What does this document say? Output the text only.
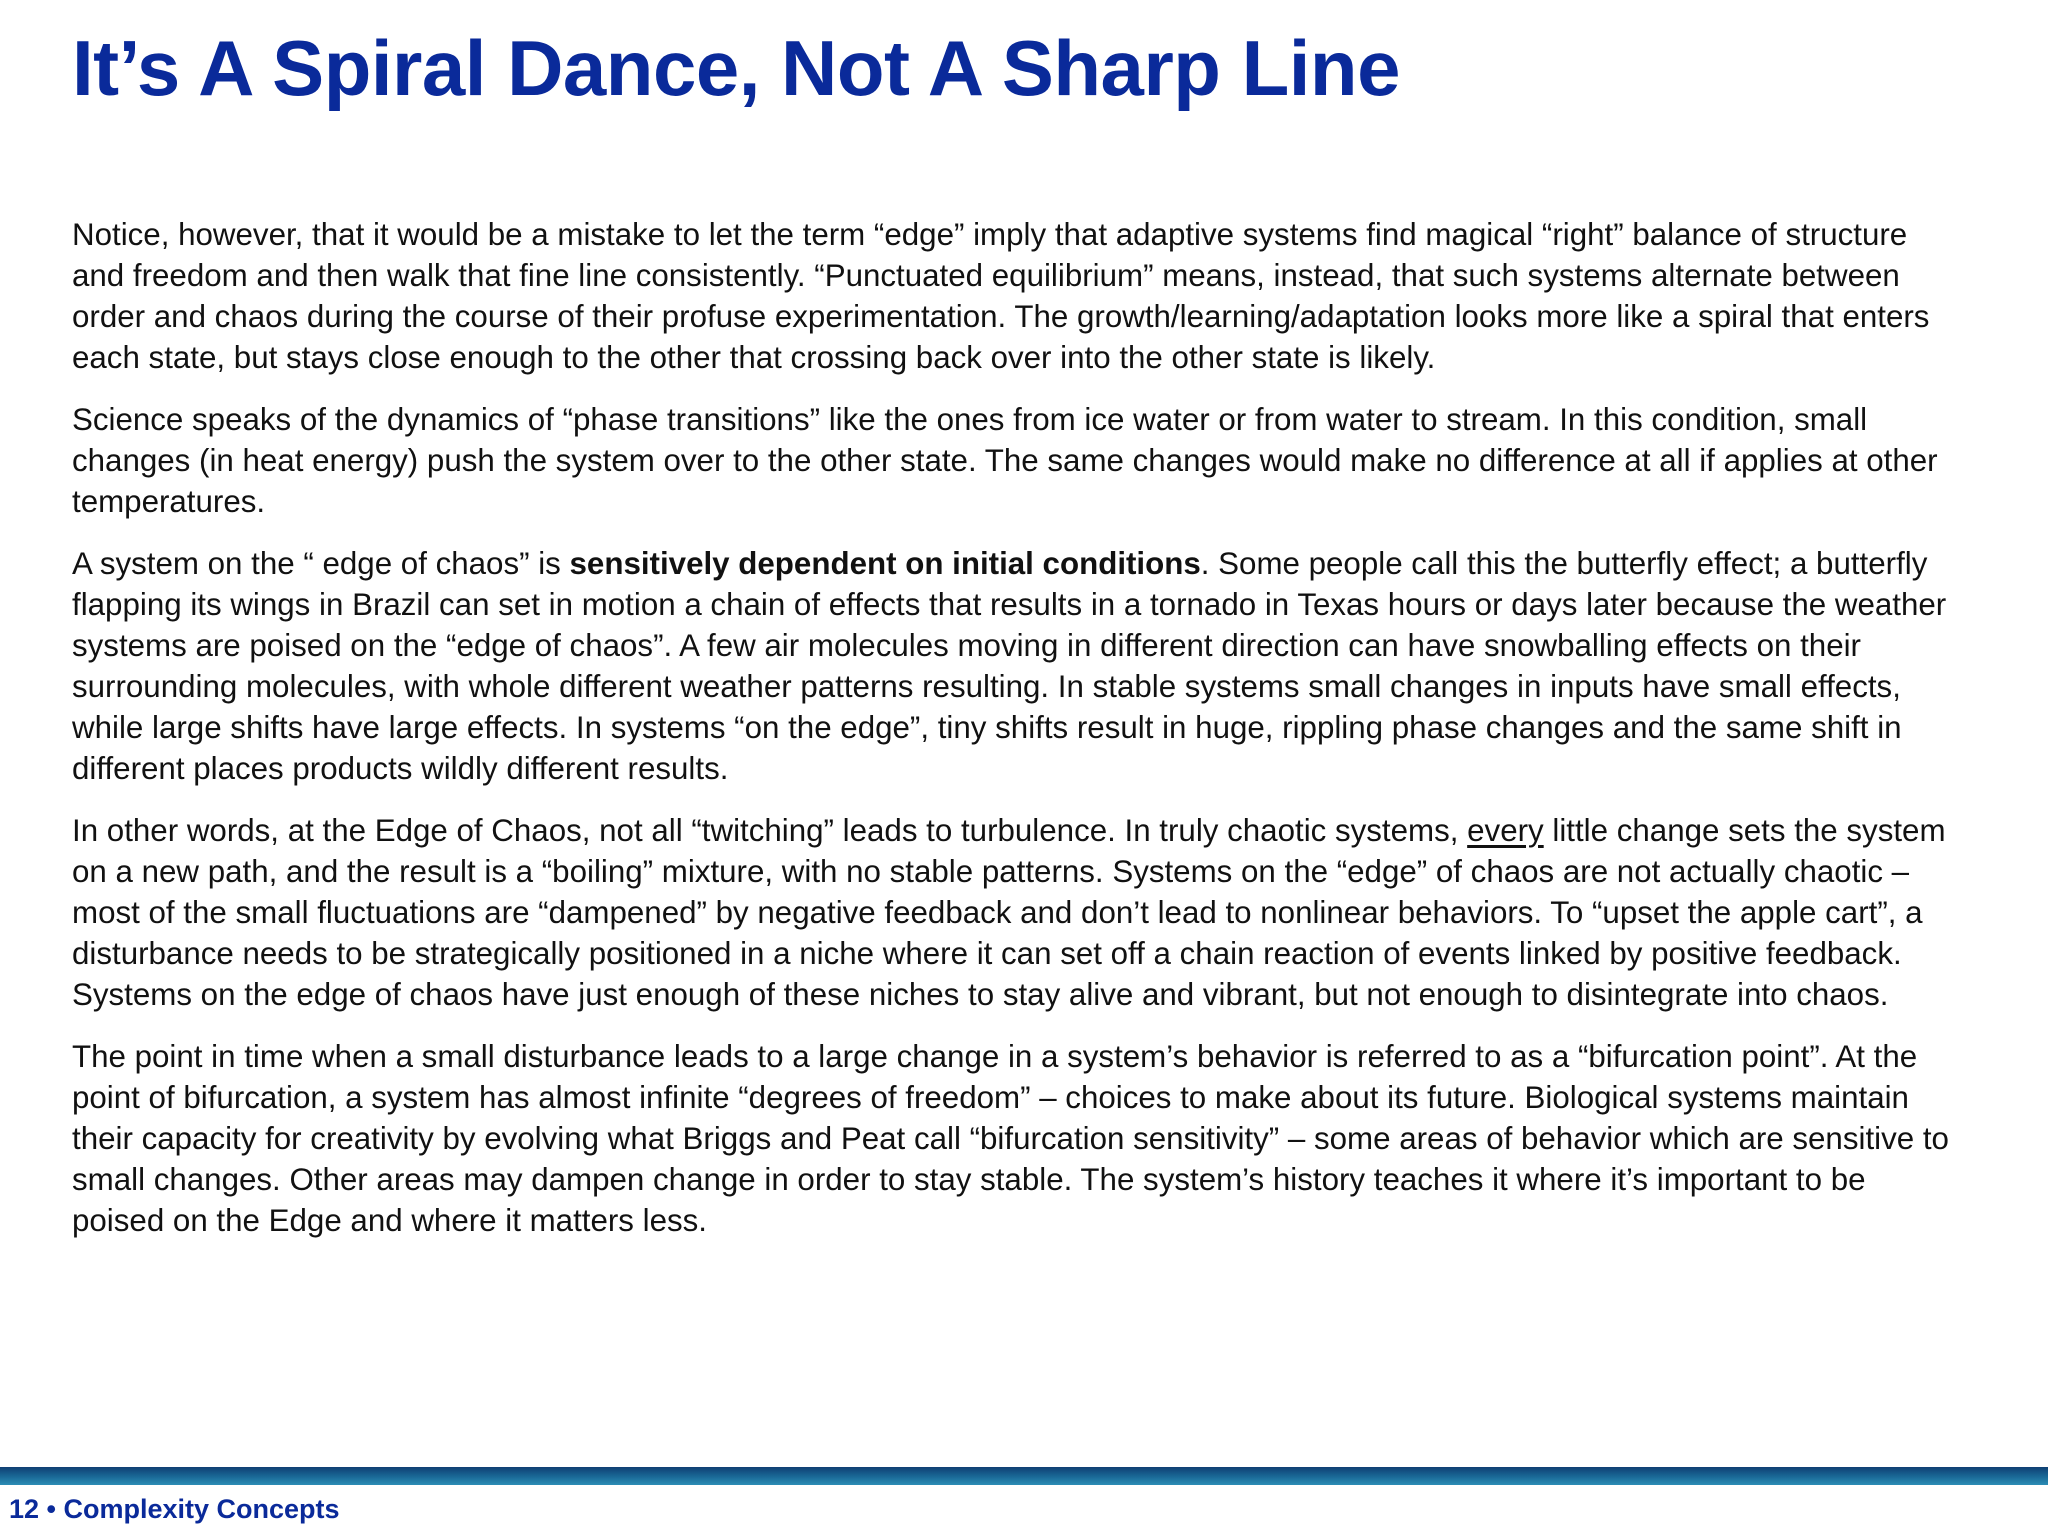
It’s A Spiral Dance, Not A Sharp Line

Notice, however, that it would be a mistake to let the term “edge” imply that adaptive systems find magical “right” balance of structure and freedom and then walk that fine line consistently. “Punctuated equilibrium” means, instead, that such systems alternate between order and chaos during the course of their profuse experimentation. The growth/learning/adaptation looks more like a spiral that enters each state, but stays close enough to the other that crossing back over into the other state is likely.

Science speaks of the dynamics of “phase transitions” like the ones from ice water or from water to stream. In this condition, small changes (in heat energy) push the system over to the other state. The same changes would make no difference at all if applies at other temperatures.

A system on the “ edge of chaos” is sensitively dependent on initial conditions. Some people call this the butterfly effect; a butterfly flapping its wings in Brazil can set in motion a chain of effects that results in a tornado in Texas hours or days later because the weather systems are poised on the “edge of chaos”. A few air molecules moving in different direction can have snowballing effects on their surrounding molecules, with whole different weather patterns resulting. In stable systems small changes in inputs have small effects, while large shifts have large effects. In systems “on the edge”, tiny shifts result in huge, rippling phase changes and the same shift in different places products wildly different results.

In other words, at the Edge of Chaos, not all “twitching” leads to turbulence. In truly chaotic systems, every little change sets the system on a new path, and the result is a “boiling” mixture, with no stable patterns. Systems on the “edge” of chaos are not actually chaotic – most of the small fluctuations are “dampened” by negative feedback and don’t lead to nonlinear behaviors. To “upset the apple cart”, a disturbance needs to be strategically positioned in a niche where it can set off a chain reaction of events linked by positive feedback. Systems on the edge of chaos have just enough of these niches to stay alive and vibrant, but not enough to disintegrate into chaos.

The point in time when a small disturbance leads to a large change in a system’s behavior is referred to as a “bifurcation point”. At the point of bifurcation, a system has almost infinite “degrees of freedom” – choices to make about its future. Biological systems maintain their capacity for creativity by evolving what Briggs and Peat call “bifurcation sensitivity” – some areas of behavior which are sensitive to small changes. Other areas may dampen change in order to stay stable. The system’s history teaches it where it’s important to be poised on the Edge and where it matters less.

12 • Complexity Concepts
